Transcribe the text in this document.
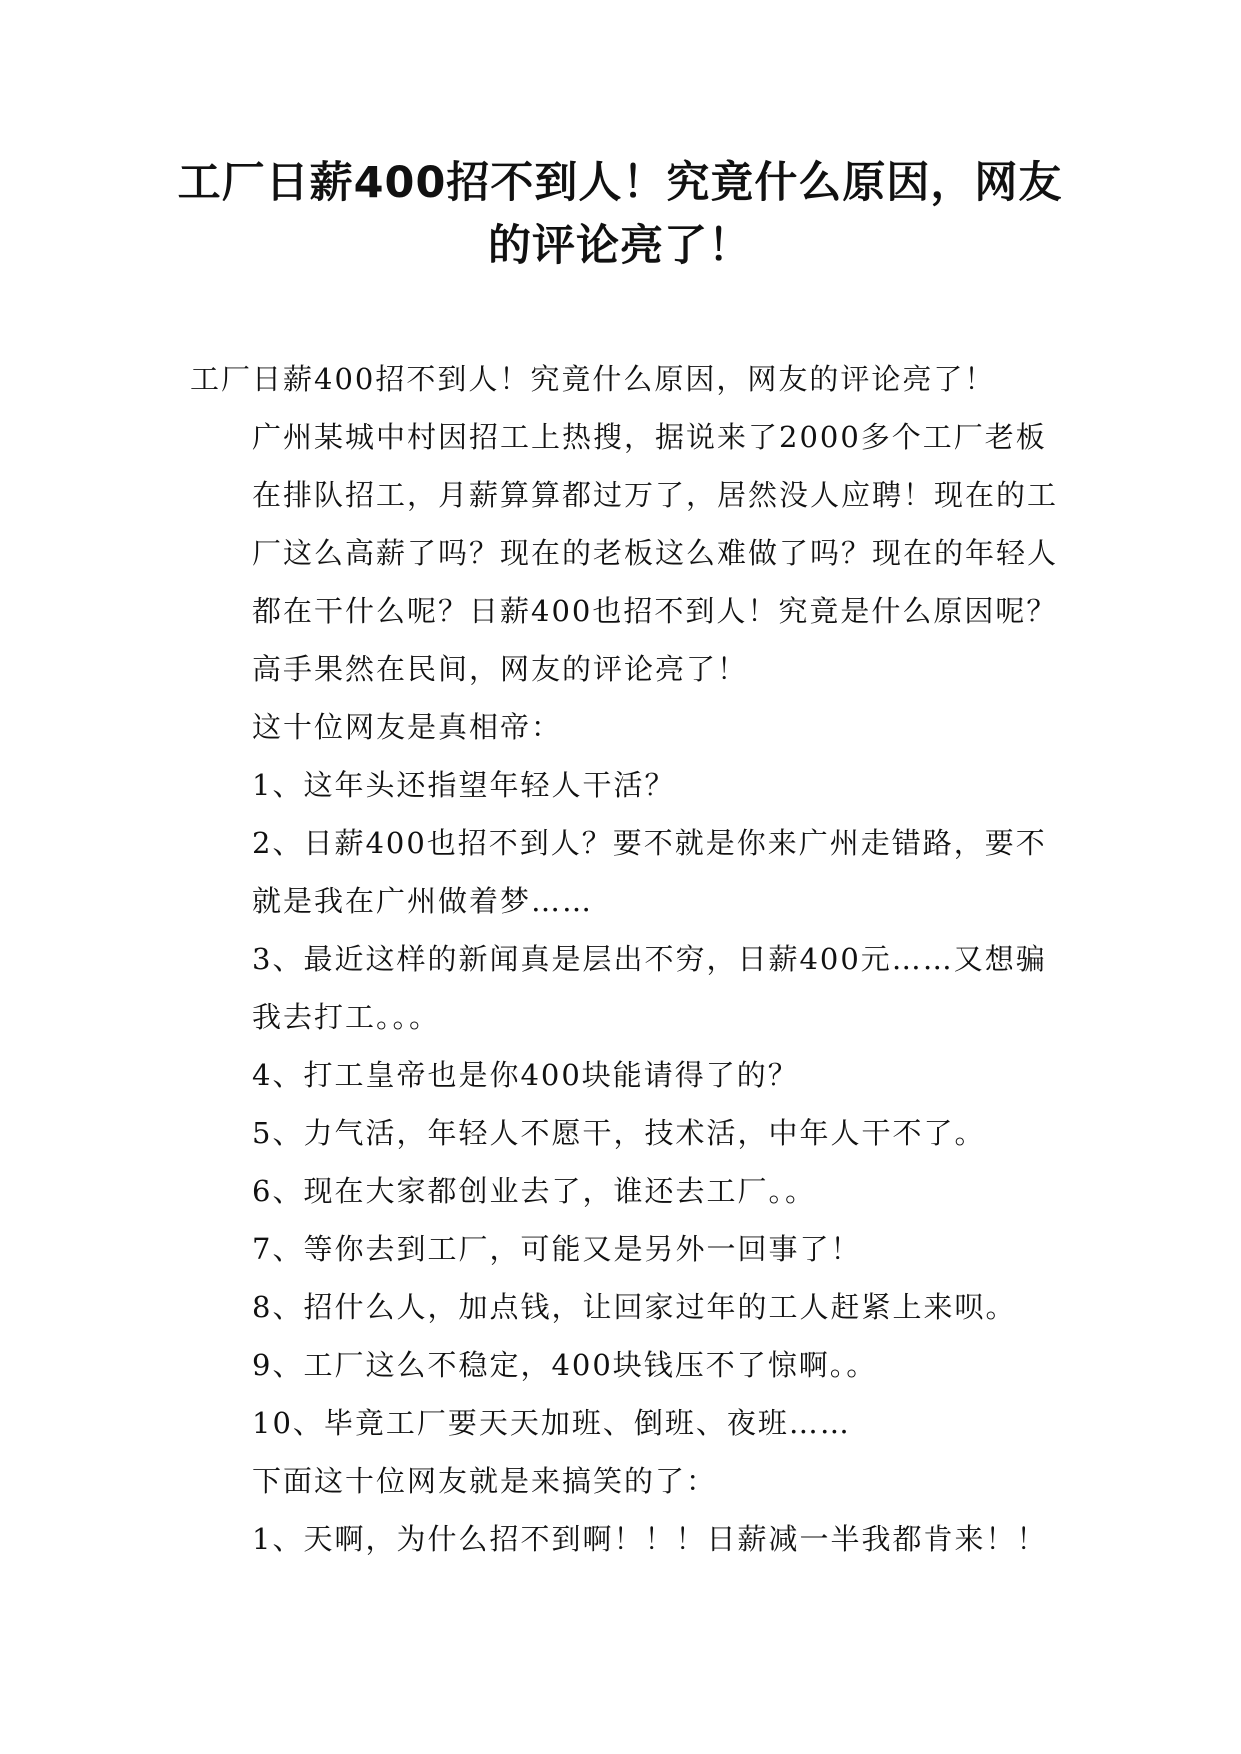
工厂日薪400招不到人！究竟什么原因，网友的评论亮了！

工厂日薪400招不到人！究竟什么原因，网友的评论亮了！

广州某城中村因招工上热搜，据说来了2000多个工厂老板在排队招工，月薪算算都过万了，居然没人应聘！现在的工厂这么高薪了吗？现在的老板这么难做了吗？现在的年轻人都在干什么呢？日薪400也招不到人！究竟是什么原因呢？高手果然在民间，网友的评论亮了！

这十位网友是真相帝：

1、这年头还指望年轻人干活？

2、日薪400也招不到人？要不就是你来广州走错路，要不就是我在广州做着梦……

3、最近这样的新闻真是层出不穷，日薪400元……又想骗我去打工。。。

4、打工皇帝也是你400块能请得了的？

5、力气活，年轻人不愿干，技术活，中年人干不了。

6、现在大家都创业去了，谁还去工厂。。

7、等你去到工厂，可能又是另外一回事了！

8、招什么人，加点钱，让回家过年的工人赶紧上来呗。

9、工厂这么不稳定，400块钱压不了惊啊。。

10、毕竟工厂要天天加班、倒班、夜班……

下面这十位网友就是来搞笑的了：

1、天啊，为什么招不到啊！！！日薪减一半我都肯来！！
